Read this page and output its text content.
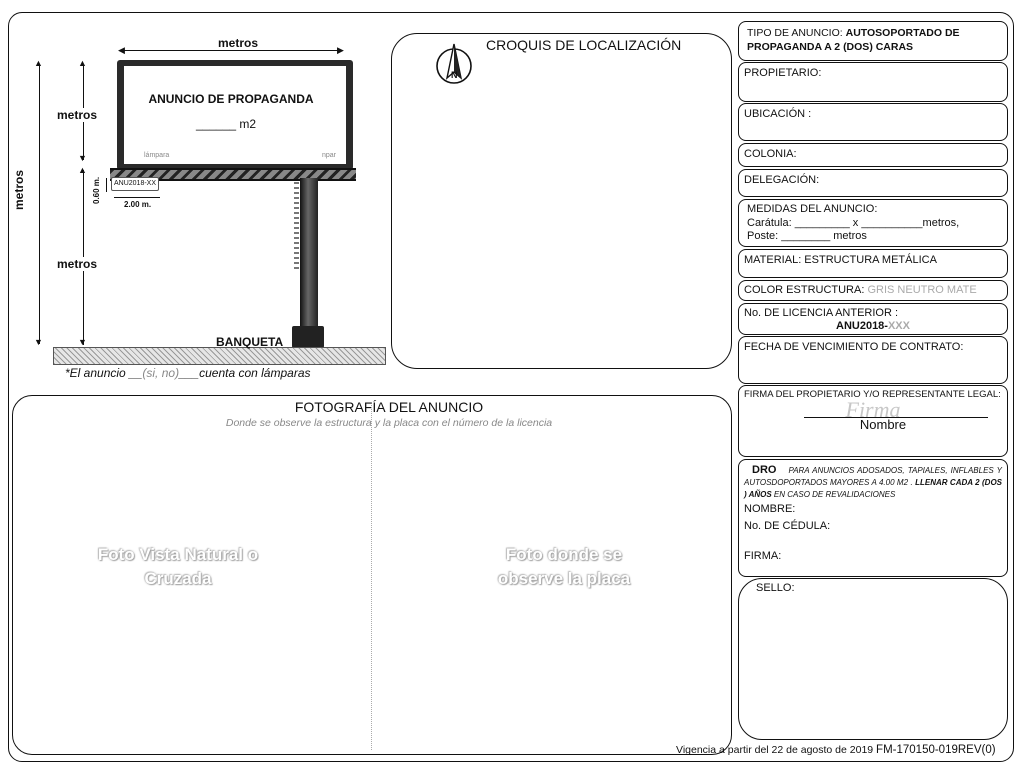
◀	▶
metros
▲
▼
metros
▲
▼
metros
▲
▼
metros
ANUNCIO DE PROPAGANDA
______ m2
lámpara	npar
ANU2018-XX
0.60 m.
2.00 m.
BANQUETA
*El anuncio __(si, no)___cuenta con lámparas
CROQUIS DE LOCALIZACIÓN
N
FOTOGRAFÍA DEL ANUNCIO
Donde se observe la estructura y la placa con el número de la licencia
Foto Vista Natural o
Cruzada
Foto donde se
observe la placa
TIPO DE ANUNCIO: AUTOSOPORTADO DE PROPAGANDA A 2 (DOS) CARAS
PROPIETARIO:
UBICACIÓN :
COLONIA:
DELEGACIÓN:
MEDIDAS DEL ANUNCIO:
Carátula: _________ x __________metros,
Poste: ________ metros
MATERIAL: ESTRUCTURA METÁLICA
COLOR ESTRUCTURA: GRIS NEUTRO MATE
No. DE LICENCIA ANTERIOR :
ANU2018-XXX
FECHA DE VENCIMIENTO DE CONTRATO:
FIRMA DEL PROPIETARIO Y/O REPRESENTANTE LEGAL:
Firma
Nombre
DRO PARA ANUNCIOS ADOSADOS, TAPIALES, INFLABLES Y AUTOSDOPORTADOS MAYORES A 4.00 M2 . LLENAR CADA 2 (DOS ) AÑOS EN CASO DE REVALIDACIONES
NOMBRE:
No. DE CÉDULA:
FIRMA:
SELLO:
Vigencia a partir del 22 de agosto de 2019 FM-170150-019REV(0)
